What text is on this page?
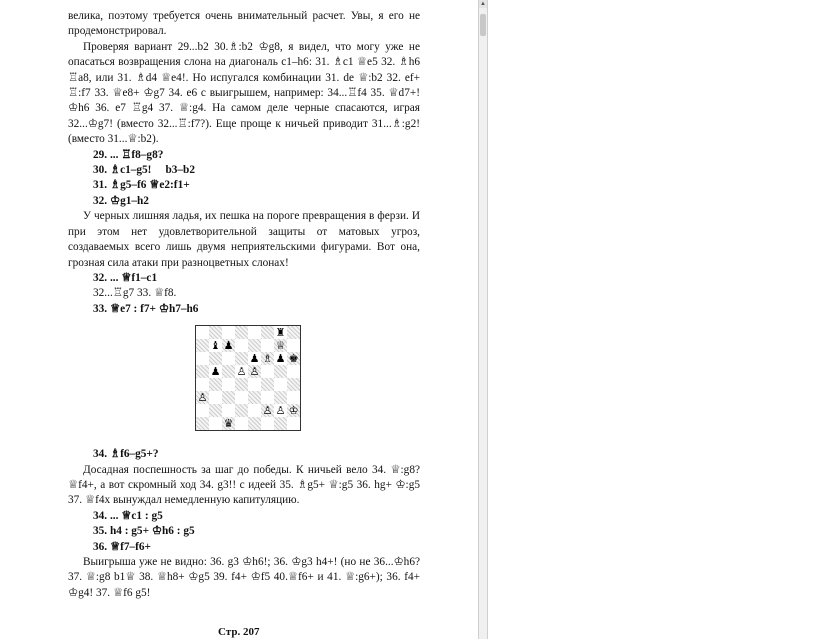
велика, поэтому требуется очень внимательный расчет. Увы, я его не продемонстрировал.

Проверяя вариант 29...b2 30.♗:b2 ♔g8, я видел, что могу уже не опасаться возвращения слона на диагональ c1–h6: 31. ♗c1 ♕e5 32. ♗h6 ♖a8, или 31. ♗d4 ♕e4!. Но испугался комбинации 31. de ♕:b2 32. ef+ ♖:f7 33. ♕e8+ ♔g7 34. e6 с выигрышем, например: 34...♖f4 35. ♕d7+! ♔h6 36. e7 ♖g4 37. ♕:g4. На самом деле черные спасаются, играя 32...♔g7! (вместо 32...♖:f7?). Еще проще к ничьей приводит 31...♗:g2! (вместо 31...♕:b2).

29. ... ♖f8–g8?
30. ♗c1–g5! b3–b2
31. ♗g5–f6 ♕e2:f1+
32. ♔g1–h2

У черных лишняя ладья, их пешка на пороге превращения в ферзи. И при этом нет удовлетворительной защиты от матовых угроз, создаваемых всего лишь двумя неприятельскими фигурами. Вот она, грозная сила атаки при разноцветных слонах!

32. ... ♕f1–c1
32...♖g7 33. ♕f8.
33. ♕e7 : f7+ ♔h7–h6
♜
♝ ♟	♕
♟ ♗ ♟ ♚
♟ ♙ ♙
♙
♙ ♙ ♔
♛
34. ♗f6–g5+?

Досадная поспешность за шаг до победы. К ничьей вело 34. ♕:g8? ♕f4+, а вот скромный ход 34. g3!! с идеей 35. ♗g5+ ♕:g5 36. hg+ ♔:g5 37. ♕f4х вынуждал немедленную капитуляцию.

34. ... ♕c1 : g5
35. h4 : g5+ ♔h6 : g5
36. ♕f7–f6+

Выигрыша уже не видно: 36. g3 ♔h6!; 36. ♔g3 h4+! (но не 36...♔h6? 37. ♕:g8 b1♕ 38. ♕h8+ ♔g5 39. f4+ ♔f5 40.♕f6+ и 41. ♕:g6+); 36. f4+ ♔g4! 37. ♕f6 g5!

Стр. 207
▲
